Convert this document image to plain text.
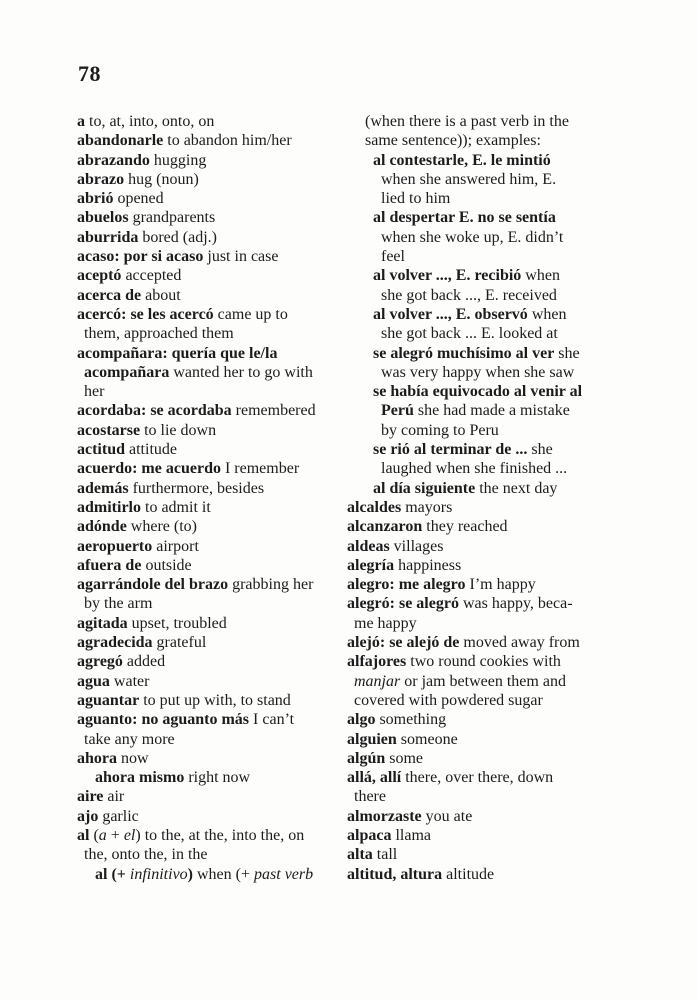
78
a to, at, into, onto, on
abandonarle to abandon him/her
abrazando hugging
abrazo hug (noun)
abrió opened
abuelos grandparents
aburrida bored (adj.)
acaso: por si acaso just in case
aceptó accepted
acerca de about
acercó: se les acercó came up to
them, approached them
acompañara: quería que le/la
acompañara wanted her to go with
her
acordaba: se acordaba remembered
acostarse to lie down
actitud attitude
acuerdo: me acuerdo I remember
además furthermore, besides
admitirlo to admit it
adónde where (to)
aeropuerto airport
afuera de outside
agarrándole del brazo grabbing her
by the arm
agitada upset, troubled
agradecida grateful
agregó added
agua water
aguantar to put up with, to stand
aguanto: no aguanto más I can’t
take any more
ahora now
ahora mismo right now
aire air
ajo garlic
al (a + el) to the, at the, into the, on
the, onto the, in the
al (+ infinitivo) when (+ past verb
(when there is a past verb in the
same sentence)); examples:
al contestarle, E. le mintió
when she answered him, E.
lied to him
al despertar E. no se sentía
when she woke up, E. didn’t
feel
al volver ..., E. recibió when
she got back ..., E. received
al volver ..., E. observó when
she got back ... E. looked at
se alegró muchísimo al ver she
was very happy when she saw
se había equivocado al venir al
Perú she had made a mistake
by coming to Peru
se rió al terminar de ... she
laughed when she finished ...
al día siguiente the next day
alcaldes mayors
alcanzaron they reached
aldeas villages
alegría happiness
alegro: me alegro I’m happy
alegró: se alegró was happy, beca-
me happy
alejó: se alejó de moved away from
alfajores two round cookies with
manjar or jam between them and
covered with powdered sugar
algo something
alguien someone
algún some
allá, allí there, over there, down
there
almorzaste you ate
alpaca llama
alta tall
altitud, altura altitude
